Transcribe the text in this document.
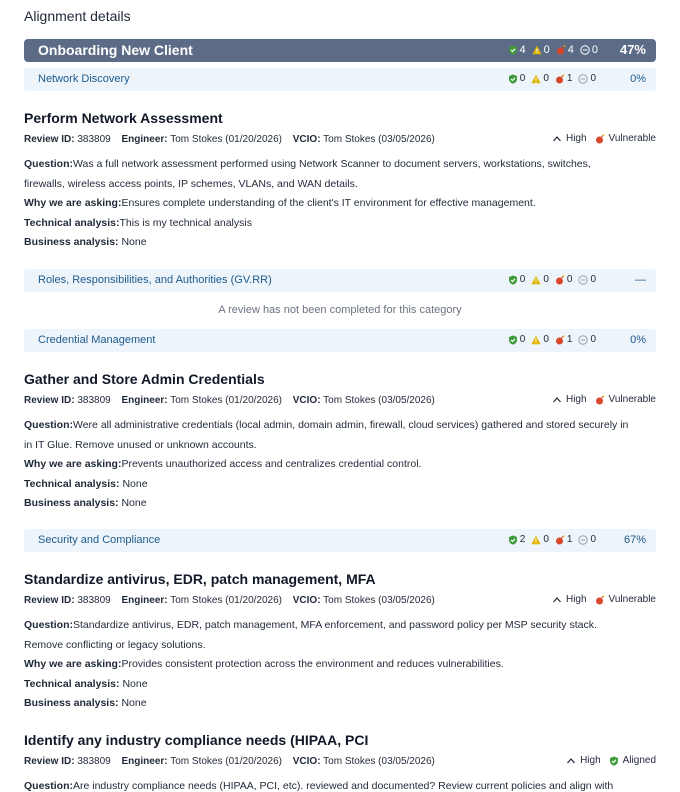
Alignment details
Onboarding New Client	4 0 4 0 47%
Network Discovery	0 0 1 0	0%
Perform Network Assessment
Review ID: 383809 Engineer: Tom Stokes (01/20/2026) VCIO: Tom Stokes (03/05/2026)	High Vulnerable
Question:Was a full network assessment performed using Network Scanner to document servers, workstations, switches,
firewalls, wireless access points, IP schemes, VLANs, and WAN details.
Why we are asking:Ensures complete understanding of the client's IT environment for effective management.
Technical analysis:This is my technical analysis
Business analysis: None
Roles, Responsibilities, and Authorities (GV.RR)	0 0 0 0	—
A review has not been completed for this category
Credential Management	0 0 1 0	0%
Gather and Store Admin Credentials
Review ID: 383809 Engineer: Tom Stokes (01/20/2026) VCIO: Tom Stokes (03/05/2026)	High Vulnerable
Question:Were all administrative credentials (local admin, domain admin, firewall, cloud services) gathered and stored securely in
in IT Glue. Remove unused or unknown accounts.
Why we are asking:Prevents unauthorized access and centralizes credential control.
Technical analysis: None
Business analysis: None
Security and Compliance	2 0 1 0	67%
Standardize antivirus, EDR, patch management, MFA
Review ID: 383809 Engineer: Tom Stokes (01/20/2026) VCIO: Tom Stokes (03/05/2026)	High Vulnerable
Question:Standardize antivirus, EDR, patch management, MFA enforcement, and password policy per MSP security stack.
Remove conflicting or legacy solutions.
Why we are asking:Provides consistent protection across the environment and reduces vulnerabilities.
Technical analysis: None
Business analysis: None
Identify any industry compliance needs (HIPAA, PCI
Review ID: 383809 Engineer: Tom Stokes (01/20/2026) VCIO: Tom Stokes (03/05/2026)	High Aligned
Question:Are industry compliance needs (HIPAA, PCI, etc). reviewed and documented? Review current policies and align with
